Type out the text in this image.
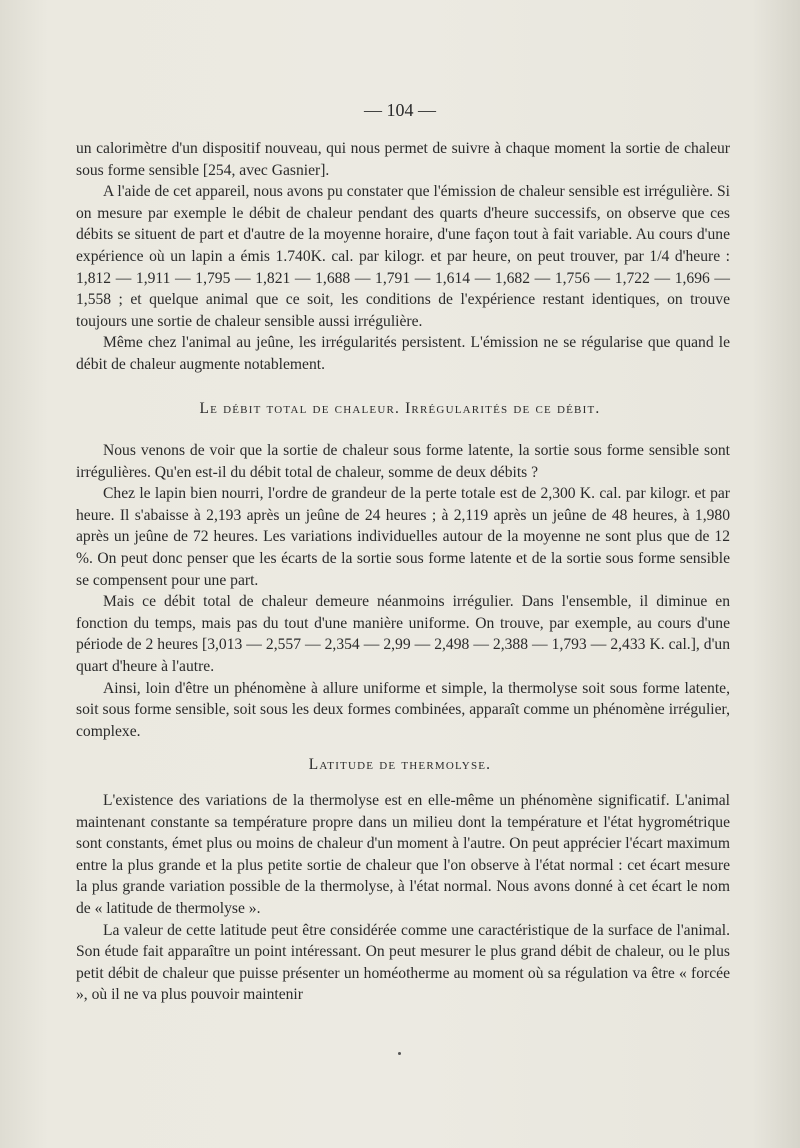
— 104 —

un calorimètre d'un dispositif nouveau, qui nous permet de suivre à chaque moment la sortie de chaleur sous forme sensible [254, avec Gasnier].

A l'aide de cet appareil, nous avons pu constater que l'émission de chaleur sensible est irrégulière. Si on mesure par exemple le débit de chaleur pendant des quarts d'heure successifs, on observe que ces débits se situent de part et d'autre de la moyenne horaire, d'une façon tout à fait variable. Au cours d'une expérience où un lapin a émis 1.740K. cal. par kilogr. et par heure, on peut trouver, par 1/4 d'heure : 1,812 — 1,911 — 1,795 — 1,821 — 1,688 — 1,791 — 1,614 — 1,682 — 1,756 — 1,722 — 1,696 — 1,558 ; et quelque animal que ce soit, les conditions de l'expérience restant identiques, on trouve toujours une sortie de chaleur sensible aussi irrégulière.

Même chez l'animal au jeûne, les irrégularités persistent. L'émission ne se régularise que quand le débit de chaleur augmente notablement.

Le débit total de chaleur. Irrégularités de ce débit.

Nous venons de voir que la sortie de chaleur sous forme latente, la sortie sous forme sensible sont irrégulières. Qu'en est-il du débit total de chaleur, somme de deux débits ?

Chez le lapin bien nourri, l'ordre de grandeur de la perte totale est de 2,300 K. cal. par kilogr. et par heure. Il s'abaisse à 2,193 après un jeûne de 24 heures ; à 2,119 après un jeûne de 48 heures, à 1,980 après un jeûne de 72 heures. Les variations individuelles autour de la moyenne ne sont plus que de 12 %. On peut donc penser que les écarts de la sortie sous forme latente et de la sortie sous forme sensible se compensent pour une part.

Mais ce débit total de chaleur demeure néanmoins irrégulier. Dans l'ensemble, il diminue en fonction du temps, mais pas du tout d'une manière uniforme. On trouve, par exemple, au cours d'une période de 2 heures [3,013 — 2,557 — 2,354 — 2,99 — 2,498 — 2,388 — 1,793 — 2,433 K. cal.], d'un quart d'heure à l'autre.

Ainsi, loin d'être un phénomène à allure uniforme et simple, la thermolyse soit sous forme latente, soit sous forme sensible, soit sous les deux formes combinées, apparaît comme un phénomène irrégulier, complexe.

Latitude de thermolyse.

L'existence des variations de la thermolyse est en elle-même un phénomène significatif. L'animal maintenant constante sa température propre dans un milieu dont la température et l'état hygrométrique sont constants, émet plus ou moins de chaleur d'un moment à l'autre. On peut apprécier l'écart maximum entre la plus grande et la plus petite sortie de chaleur que l'on observe à l'état normal : cet écart mesure la plus grande variation possible de la thermolyse, à l'état normal. Nous avons donné à cet écart le nom de « latitude de thermolyse ».

La valeur de cette latitude peut être considérée comme une caractéristique de la surface de l'animal. Son étude fait apparaître un point intéressant. On peut mesurer le plus grand débit de chaleur, ou le plus petit débit de chaleur que puisse présenter un homéotherme au moment où sa régulation va être « forcée », où il ne va plus pouvoir maintenir
